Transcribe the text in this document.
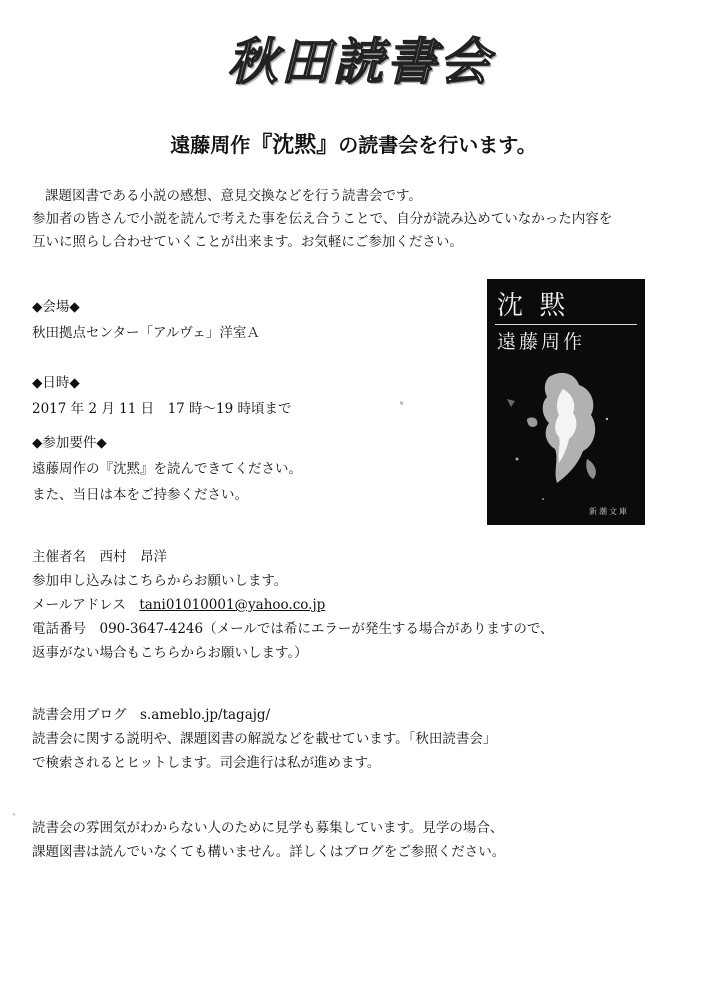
秋田読書会
遠藤周作『沈黙』の読書会を行います。
課題図書である小説の感想、意見交換などを行う読書会です。
参加者の皆さんで小説を読んで考えた事を伝え合うことで、自分が読み込めていなかった内容を
互いに照らし合わせていくことが出来ます。お気軽にご参加ください。
◆会場◆
秋田拠点センター「アルヴェ」洋室Ａ
◆日時◆
2017 年 2 月 11 日　17 時〜19 時頃まで
◆参加要件◆
遠藤周作の『沈黙』を読んできてください。
また、当日は本をご持参ください。
沈 黙
遠藤周作
新潮文庫
主催者名　西村　昂洋
参加申し込みはこちらからお願いします。
メールアドレス　tani01010001@yahoo.co.jp
電話番号　090-3647-4246（メールでは希にエラーが発生する場合がありますので、
返事がない場合もこちらからお願いします。）
読書会用ブログ　s.ameblo.jp/tagajg/
読書会に関する説明や、課題図書の解説などを載せています。「秋田読書会」
で検索されるとヒットします。司会進行は私が進めます。
読書会の雰囲気がわからない人のために見学も募集しています。見学の場合、
課題図書は読んでいなくても構いません。詳しくはブログをご参照ください。
ˢ
ˋ
